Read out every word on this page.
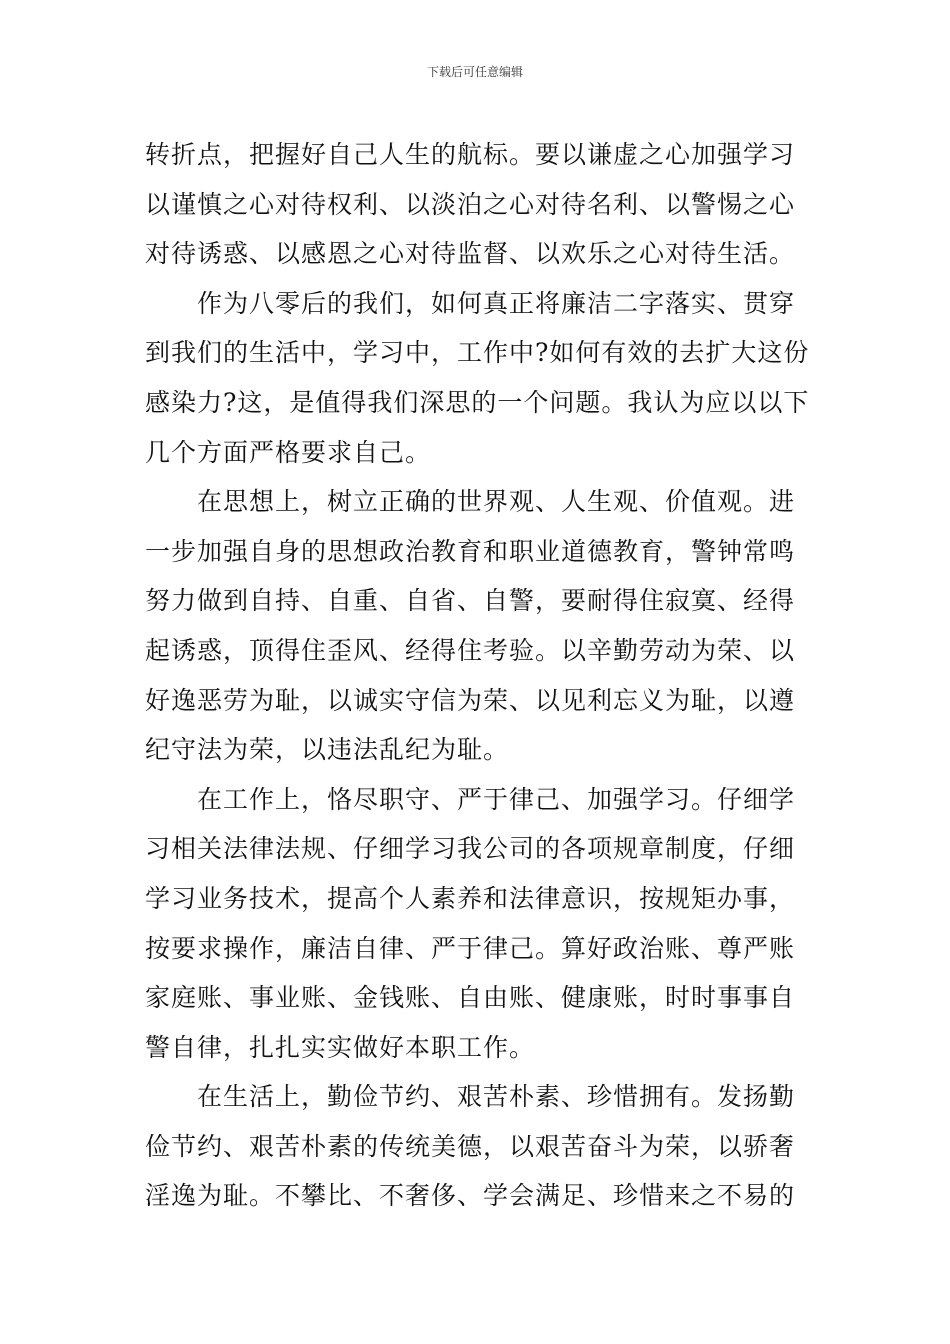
下载后可任意编辑

转折点，把握好自己人生的航标。要以谦虚之心加强学习
以谨慎之心对待权利、以淡泊之心对待名利、以警惕之心
对待诱惑、以感恩之心对待监督、以欢乐之心对待生活。

作为八零后的我们，如何真正将廉洁二字落实、贯穿
到我们的生活中，学习中，工作中?如何有效的去扩大这份
感染力?这，是值得我们深思的一个问题。我认为应以以下
几个方面严格要求自己。

在思想上，树立正确的世界观、人生观、价值观。进
一步加强自身的思想政治教育和职业道德教育，警钟常鸣
努力做到自持、自重、自省、自警，要耐得住寂寞、经得
起诱惑，顶得住歪风、经得住考验。以辛勤劳动为荣、以
好逸恶劳为耻，以诚实守信为荣、以见利忘义为耻，以遵
纪守法为荣，以违法乱纪为耻。

在工作上，恪尽职守、严于律己、加强学习。仔细学
习相关法律法规、仔细学习我公司的各项规章制度，仔细
学习业务技术，提高个人素养和法律意识，按规矩办事，
按要求操作，廉洁自律、严于律己。算好政治账、尊严账
家庭账、事业账、金钱账、自由账、健康账，时时事事自
警自律，扎扎实实做好本职工作。

在生活上，勤俭节约、艰苦朴素、珍惜拥有。发扬勤
俭节约、艰苦朴素的传统美德，以艰苦奋斗为荣，以骄奢
淫逸为耻。不攀比、不奢侈、学会满足、珍惜来之不易的
